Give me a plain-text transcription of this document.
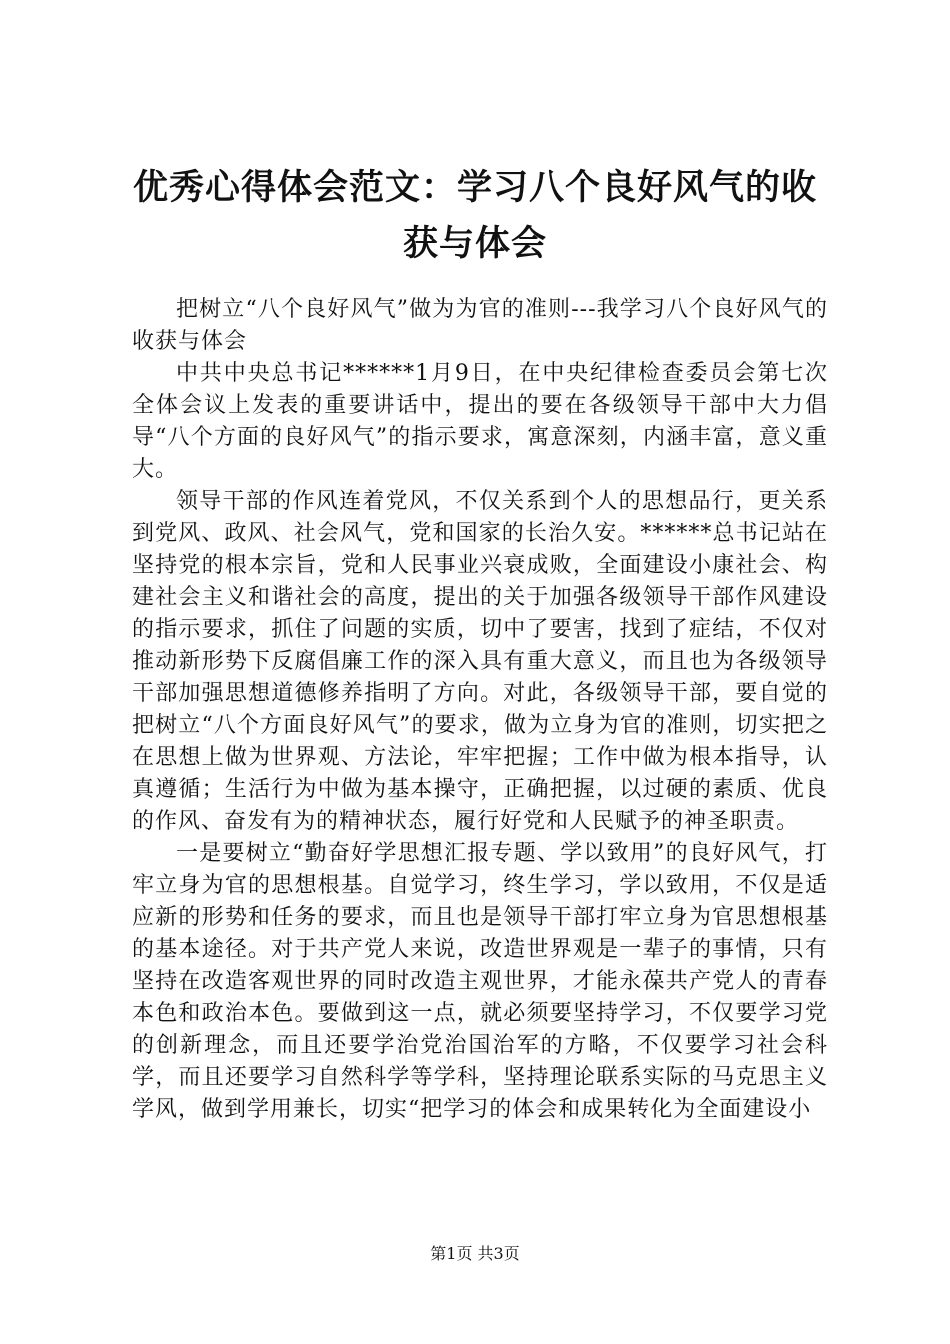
优秀心得体会范文：学习八个良好风气的收获与体会

把树立“八个良好风气”做为为官的准则---我学习八个良好风气的收获与体会

中共中央总书记******1月9日，在中央纪律检查委员会第七次全体会议上发表的重要讲话中，提出的要在各级领导干部中大力倡导“八个方面的良好风气”的指示要求，寓意深刻，内涵丰富，意义重大。

领导干部的作风连着党风，不仅关系到个人的思想品行，更关系到党风、政风、社会风气，党和国家的长治久安。******总书记站在坚持党的根本宗旨，党和人民事业兴衰成败，全面建设小康社会、构建社会主义和谐社会的高度，提出的关于加强各级领导干部作风建设的指示要求，抓住了问题的实质，切中了要害，找到了症结，不仅对推动新形势下反腐倡廉工作的深入具有重大意义，而且也为各级领导干部加强思想道德修养指明了方向。对此，各级领导干部，要自觉的把树立“八个方面良好风气”的要求，做为立身为官的准则，切实把之在思想上做为世界观、方法论，牢牢把握；工作中做为根本指导，认真遵循；生活行为中做为基本操守，正确把握，以过硬的素质、优良的作风、奋发有为的精神状态，履行好党和人民赋予的神圣职责。

一是要树立“勤奋好学思想汇报专题、学以致用”的良好风气，打牢立身为官的思想根基。自觉学习，终生学习，学以致用，不仅是适应新的形势和任务的要求，而且也是领导干部打牢立身为官思想根基的基本途径。对于共产党人来说，改造世界观是一辈子的事情，只有坚持在改造客观世界的同时改造主观世界，才能永葆共产党人的青春本色和政治本色。要做到这一点，就必须要坚持学习，不仅要学习党的创新理念，而且还要学治党治国治军的方略，不仅要学习社会科学，而且还要学习自然科学等学科，坚持理论联系实际的马克思主义学风，做到学用兼长，切实“把学习的体会和成果转化为全面建设小

第1页 共3页
